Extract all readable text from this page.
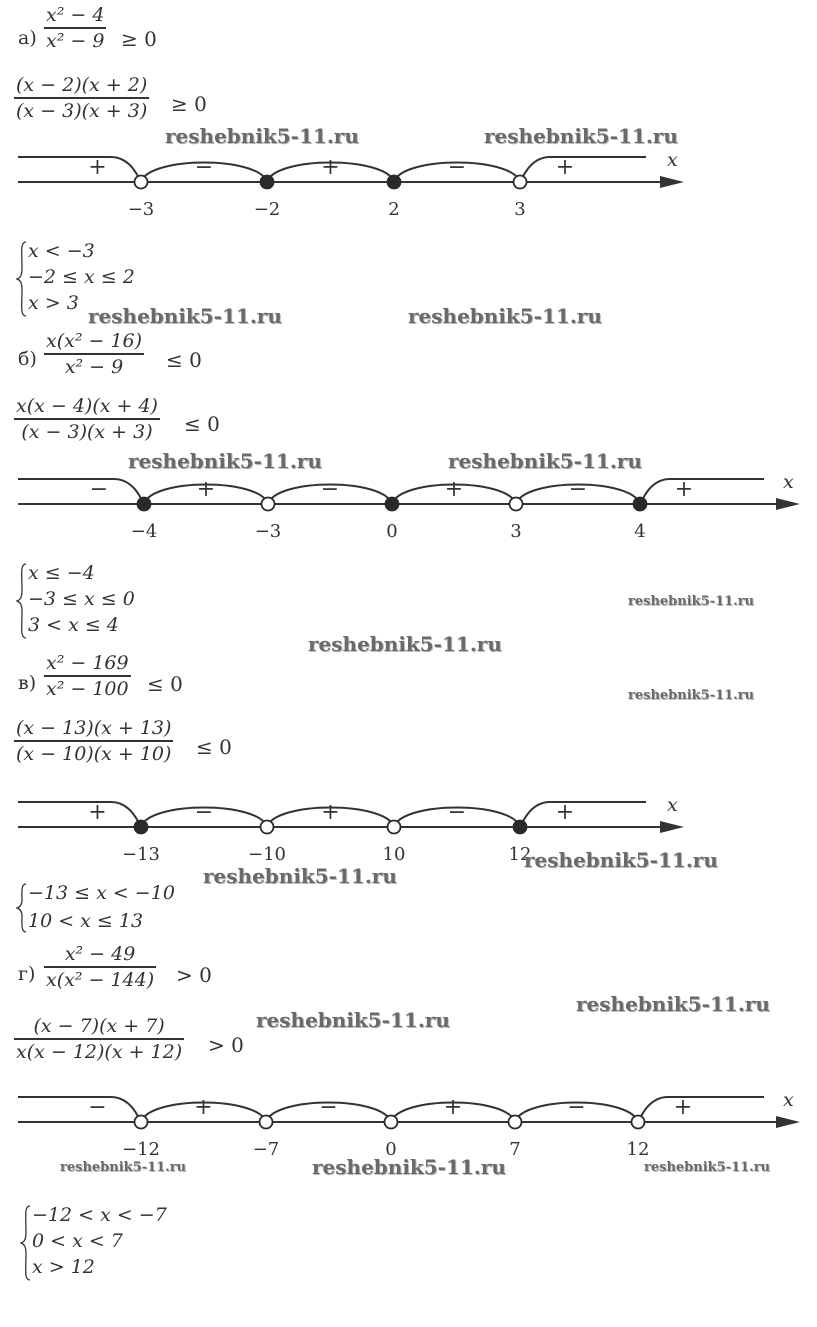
а)
x² − 4
x² − 9 ≥ 0
(x − 2)(x + 2)
(x − 3)(x + 3) ≥ 0
x
+	−	+	−	+
−3	−2	2	3
x < −3
−2 ≤ x ≤ 2
x > 3
б)
x(x² − 16)
x² − 9 ≤ 0
x(x − 4)(x + 4)
(x − 3)(x + 3) ≤ 0
x
−	+	−	+	−	+
−4	−3	0	3	4
x ≤ −4
−3 ≤ x ≤ 0
3 < x ≤ 4
в)
x² − 169
x² − 100 ≤ 0
(x − 13)(x + 13)
(x − 10)(x + 10) ≤ 0
x
+	−	+	−	+
−13	−10	10	12
−13 ≤ x < −10
10 < x ≤ 13
г)
x² − 49
x(x² − 144) > 0
(x − 7)(x + 7)
x(x − 12)(x + 12) > 0
x
−	+	−	+	−	+
−12	−7	0	7	12
−12 < x < −7
0 < x < 7
x > 12
reshebnik5-11.ru	reshebnik5-11.ru
reshebnik5-11.ru	reshebnik5-11.ru
reshebnik5-11.ru	reshebnik5-11.ru
reshebnik5-11.ru
reshebnik5-11.ru
reshebnik5-11.ru
reshebnik5-11.ru
reshebnik5-11.ru
reshebnik5-11.ru
reshebnik5-11.ru
reshebnik5-11.ru	reshebnik5-11.ru	reshebnik5-11.ru
